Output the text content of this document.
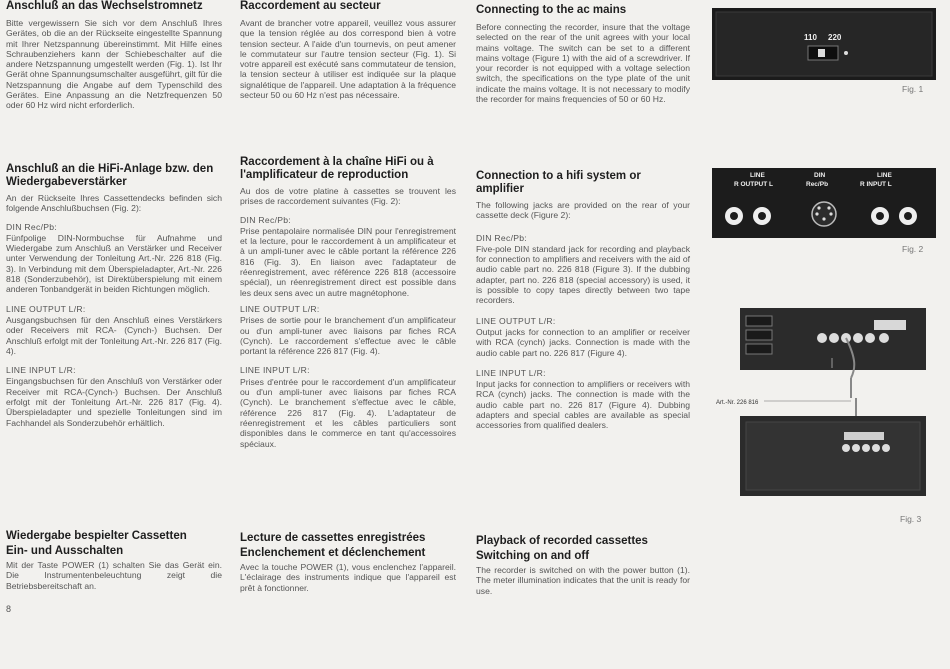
Anschluß an das Wechselstromnetz

Bitte vergewissern Sie sich vor dem Anschluß Ihres Gerätes, ob die an der Rückseite eingestellte Spannung mit Ihrer Netzspannung übereinstimmt. Mit Hilfe eines Schraubenziehers kann der Schiebeschalter auf die andere Netzspannung umgestellt werden (Fig. 1). Ist Ihr Gerät ohne Spannungsumschalter ausgeführt, gilt für die Netzspannung die Angabe auf dem Typenschild des Gerätes. Eine Anpassung an die Netzfrequenzen 50 oder 60 Hz wird nicht erforderlich.

Anschluß an die HiFi-Anlage bzw. den Wiedergabeverstärker

An der Rückseite Ihres Cassettendecks befinden sich folgende Anschlußbuchsen (Fig. 2):

DIN Rec/Pb:

Fünfpolige DIN-Normbuchse für Aufnahme und Wiedergabe zum Anschluß an Verstärker und Receiver unter Verwendung der Tonleitung Art.-Nr. 226 818 (Fig. 3). In Verbindung mit dem Überspieladapter, Art.-Nr. 226 818 (Sonderzubehör), ist Direktüberspielung mit einem anderen Tonbandgerät in beiden Richtungen möglich.

LINE OUTPUT L/R:

Ausgangsbuchsen für den Anschluß eines Verstärkers oder Receivers mit RCA- (Cynch-) Buchsen. Der Anschluß erfolgt mit der Tonleitung Art.-Nr. 226 817 (Fig. 4).

LINE INPUT L/R:

Eingangsbuchsen für den Anschluß von Verstärker oder Receiver mit RCA-(Cynch-) Buchsen. Der Anschluß erfolgt mit der Tonleitung Art.-Nr. 226 817 (Fig. 4). Überspieladapter und spezielle Tonleitungen sind im Fachhandel als Sonderzubehör erhältlich.

Wiedergabe bespielter Cassetten
Ein- und Ausschalten

Mit der Taste POWER (1) schalten Sie das Gerät ein. Die Instrumentenbeleuchtung zeigt die Betriebsbereitschaft an.

8
Raccordement au secteur

Avant de brancher votre appareil, veuillez vous assurer que la tension réglée au dos correspond bien à votre tension secteur. A l'aide d'un tournevis, on peut amener le commutateur sur l'autre tension secteur (Fig. 1). Si votre appareil est exécuté sans commutateur de tension, la tension secteur à utiliser est indiquée sur la plaque signalétique de l'appareil. Une adaptation à la fréquence secteur 50 ou 60 Hz n'est pas nécessaire.

Raccordement à la chaîne HiFi ou à l'amplificateur de reproduction

Au dos de votre platine à cassettes se trouvent les prises de raccordement suivantes (Fig. 2):

DIN Rec/Pb:

Prise pentapolaire normalisée DIN pour l'enregistrement et la lecture, pour le raccordement à un amplificateur et à un ampli-tuner avec le câble portant la référence 226 816 (Fig. 3). En liaison avec l'adaptateur de réenregistrement, avec référence 226 818 (accessoire spécial), un réenregistrement direct est possible dans les deux sens avec un autre magnétophone.

LINE OUTPUT L/R:

Prises de sortie pour le branchement d'un amplificateur ou d'un ampli-tuner avec liaisons par fiches RCA (Cynch). Le raccordement s'effectue avec le câble portant la référence 226 817 (Fig. 4).

LINE INPUT L/R:

Prises d'entrée pour le raccordement d'un amplificateur ou d'un ampli-tuner avec liaisons par fiches RCA (Cynch). Le branchement s'effectue avec le câble, référence 226 817 (Fig. 4). L'adaptateur de réenregistrement et les câbles particuliers sont disponibles dans le commerce en tant qu'accessoires spéciaux.

Lecture de cassettes enregistrées
Enclenchement et déclenchement

Avec la touche POWER (1), vous enclenchez l'appareil. L'éclairage des instruments indique que l'appareil est prêt à fonctionner.

Connecting to the ac mains

Before connecting the recorder, insure that the voltage selected on the rear of the unit agrees with your local mains voltage. The switch can be set to a different mains voltage (Figure 1) with the aid of a screwdriver. If your recorder is not equipped with a voltage selection switch, the specifications on the type plate of the unit indicate the mains voltage. It is not necessary to modify the recorder for mains frequencies of 50 or 60 Hz.

Connection to a hifi system or amplifier

The following jacks are provided on the rear of your cassette deck (Figure 2):

DIN Rec/Pb:

Five-pole DIN standard jack for recording and playback for connection to amplifiers and receivers with the aid of audio cable part no. 226 818 (Figure 3). If the dubbing adapter, part no. 226 818 (special accessory) is used, it is possible to copy tapes directly between two tape recorders.

LINE OUTPUT L/R:

Output jacks for connection to an amplifier or receiver with RCA (cynch) jacks. Connection is made with the audio cable part no. 226 817 (Figure 4).

LINE INPUT L/R:

Input jacks for connection to amplifiers or receivers with RCA (cynch) jacks. The connection is made with the audio cable part no. 226 817 (Figure 4). Dubbing adapters and special cables are available as special accessories from qualified dealers.

Playback of recorded cassettes
Switching on and off

The recorder is switched on with the power button (1). The meter illumination indicates that the unit is ready for use.

110 220
Fig. 1
LINE
R OUTPUT L
DIN
Rec/Pb
LINE
R INPUT L
Fig. 2
Art.-Nr. 226 816
Fig. 3
